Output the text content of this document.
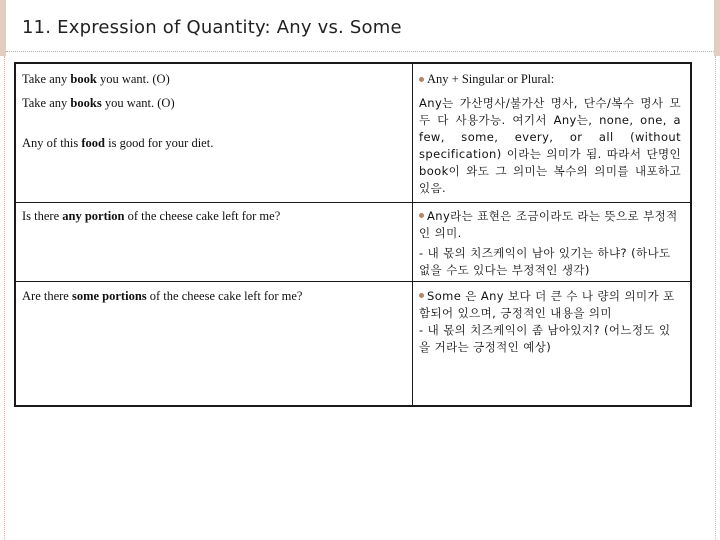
11. Expression of Quantity: Any vs. Some
Take any book you want. (O)
Take any books you want. (O)
Any of this food is good for your diet.
Any + Singular or Plural:
Any는 가산명사/불가산 명사, 단수/복수 명사 모두 다 사용가능. 여기서 Any는, none, one, a few, some, every, or all (without specification) 이라는 의미가 됨. 따라서 단명인 book이 와도 그 의미는 복수의 의미를 내포하고 있음.
Is there any portion of the cheese cake left for me?	Any라는 표현은 조금이라도 라는 뜻으로 부정적인 의미.
- 내 몫의 치즈케익이 남아 있기는 하냐? (하나도 없을 수도 있다는 부정적인 생각)
Are there some portions of the cheese cake left for me?	Some 은 Any 보다 더 큰 수 나 량의 의미가 포함되어 있으며, 긍정적인 내용을 의미
- 내 몫의 치즈케익이 좀 남아있지? (어느정도 있을 거라는 긍정적인 예상)
